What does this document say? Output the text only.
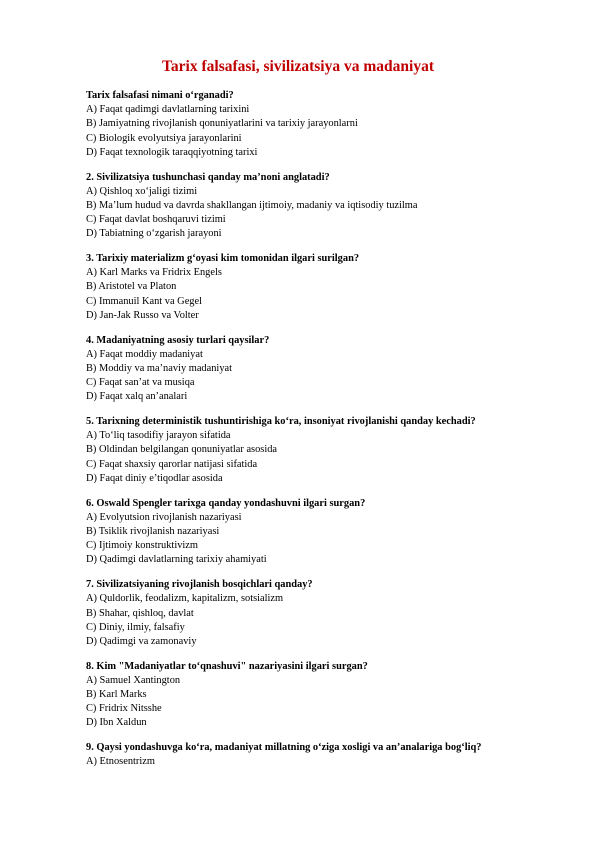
Tarix falsafasi, sivilizatsiya va madaniyat
Tarix falsafasi nimani o‘rganadi?
A) Faqat qadimgi davlatlarning tarixini
B) Jamiyatning rivojlanish qonuniyatlarini va tarixiy jarayonlarni
C) Biologik evolyutsiya jarayonlarini
D) Faqat texnologik taraqqiyotning tarixi
2. Sivilizatsiya tushunchasi qanday ma’noni anglatadi?
A) Qishloq xo‘jaligi tizimi
B) Ma’lum hudud va davrda shakllangan ijtimoiy, madaniy va iqtisodiy tuzilma
C) Faqat davlat boshqaruvi tizimi
D) Tabiatning o‘zgarish jarayoni
3. Tarixiy materializm g‘oyasi kim tomonidan ilgari surilgan?
A) Karl Marks va Fridrix Engels
B) Aristotel va Platon
C) Immanuil Kant va Gegel
D) Jan-Jak Russo va Volter
4. Madaniyatning asosiy turlari qaysilar?
A) Faqat moddiy madaniyat
B) Moddiy va ma’naviy madaniyat
C) Faqat san’at va musiqa
D) Faqat xalq an’analari
5. Tarixning deterministik tushuntirishiga ko‘ra, insoniyat rivojlanishi qanday kechadi?
A) To‘liq tasodifiy jarayon sifatida
B) Oldindan belgilangan qonuniyatlar asosida
C) Faqat shaxsiy qarorlar natijasi sifatida
D) Faqat diniy e’tiqodlar asosida
6. Oswald Spengler tarixga qanday yondashuvni ilgari surgan?
A) Evolyutsion rivojlanish nazariyasi
B) Tsiklik rivojlanish nazariyasi
C) Ijtimoiy konstruktivizm
D) Qadimgi davlatlarning tarixiy ahamiyati
7. Sivilizatsiyaning rivojlanish bosqichlari qanday?
A) Quldorlik, feodalizm, kapitalizm, sotsializm
B) Shahar, qishloq, davlat
C) Diniy, ilmiy, falsafiy
D) Qadimgi va zamonaviy
8. Kim "Madaniyatlar to‘qnashuvi" nazariyasini ilgari surgan?
A) Samuel Xantington
B) Karl Marks
C) Fridrix Nitsshe
D) Ibn Xaldun
9. Qaysi yondashuvga ko‘ra, madaniyat millatning o‘ziga xosligi va an’analariga bog‘liq?
A) Etnosentrizm
